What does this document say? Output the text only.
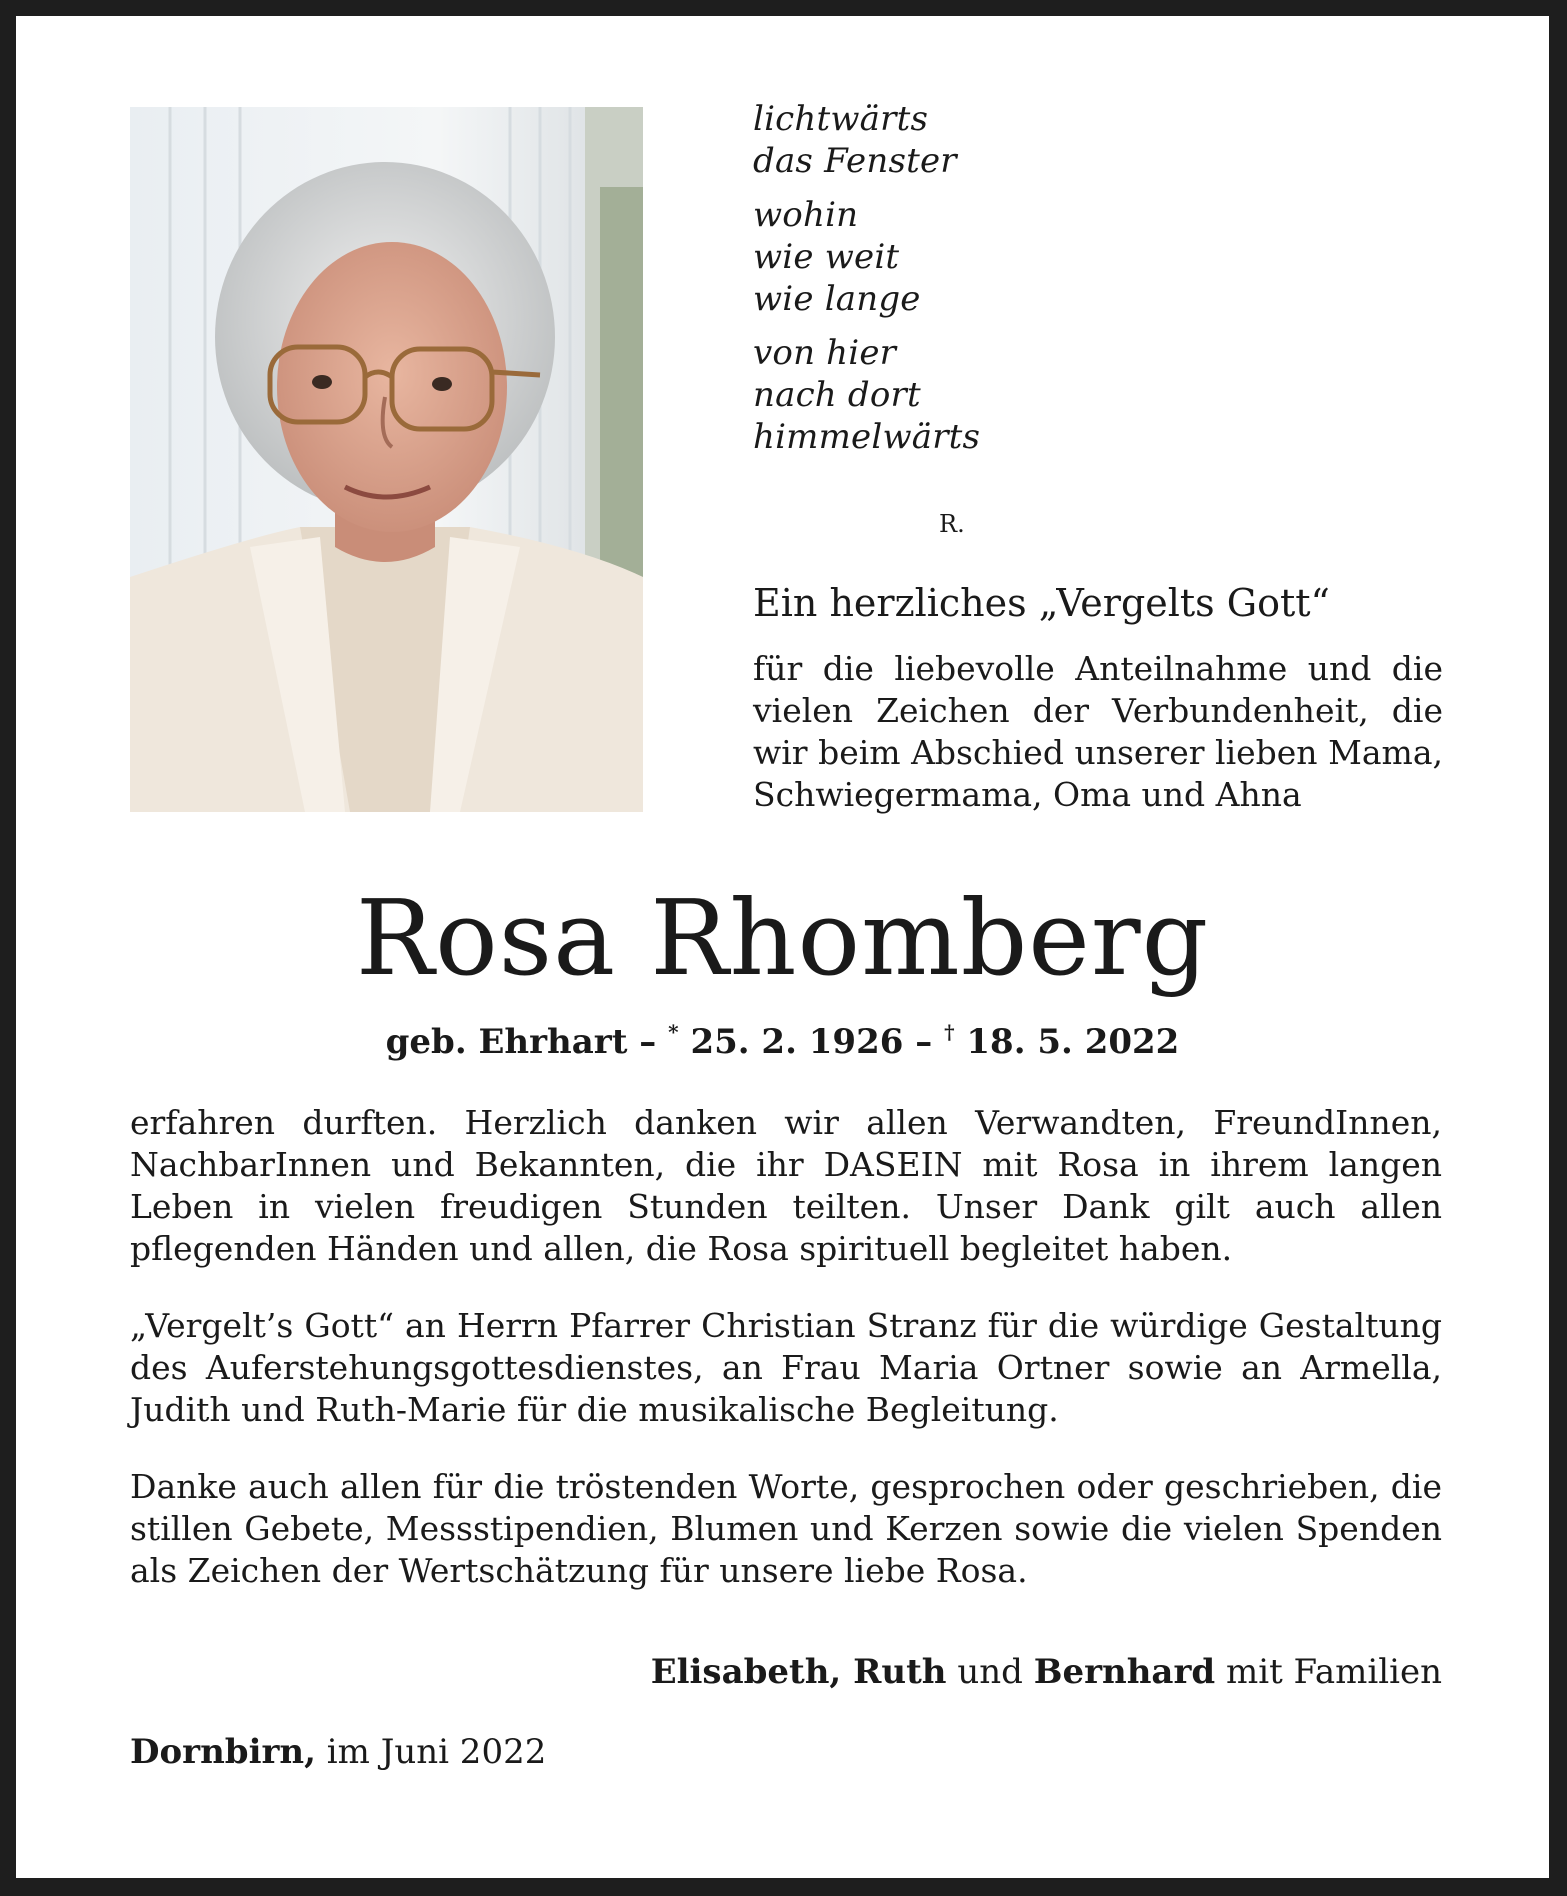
lichtwärts
das Fenster
wohin
wie weit
wie lange
von hier
nach dort
himmelwärts
R.
Ein herzliches „Vergelts Gott“
für die liebevolle Anteilnahme und die vielen Zeichen der Verbundenheit, die wir beim Abschied unserer lieben Mama, Schwiegermama, Oma und Ahna
Rosa Rhomberg
geb. Ehrhart – * 25. 2. 1926 – † 18. 5. 2022
erfahren durften. Herzlich danken wir allen Verwandten, FreundInnen, NachbarInnen und Bekannten, die ihr DASEIN mit Rosa in ihrem langen Leben in vielen freudigen Stunden teilten. Unser Dank gilt auch allen pflegenden Händen und allen, die Rosa spirituell begleitet haben.
„Vergelt’s Gott“ an Herrn Pfarrer Christian Stranz für die würdige Gestaltung des Auferstehungsgottesdienstes, an Frau Maria Ortner sowie an Armella, Judith und Ruth-Marie für die musikalische Begleitung.
Danke auch allen für die tröstenden Worte, gesprochen oder geschrieben, die stillen Gebete, Messstipendien, Blumen und Kerzen sowie die vielen Spenden als Zeichen der Wertschätzung für unsere liebe Rosa.
Elisabeth, Ruth und Bernhard mit Familien
Dornbirn, im Juni 2022
